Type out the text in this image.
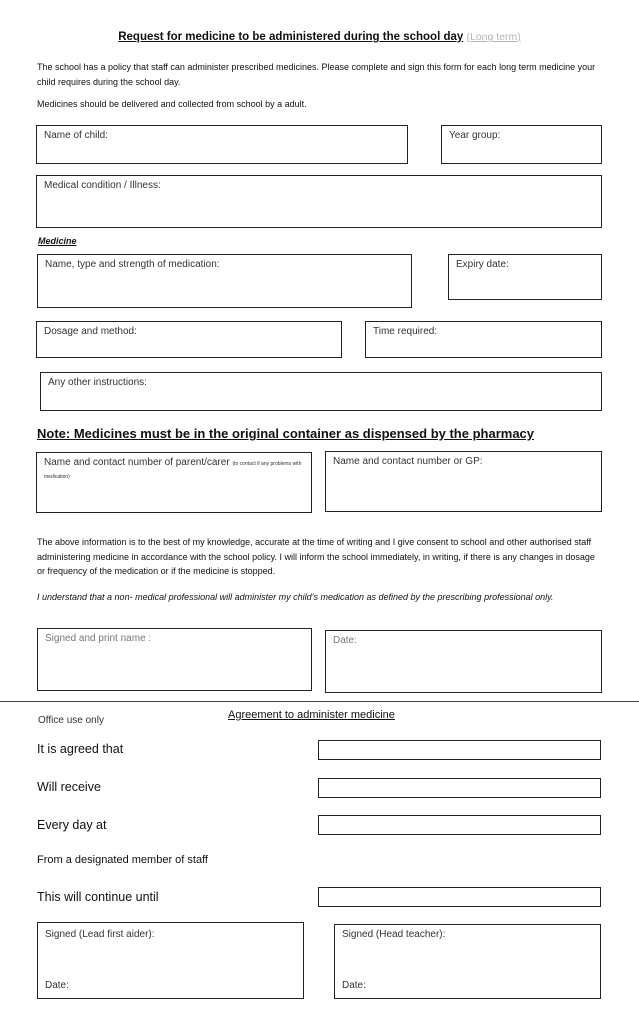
Request for medicine to be administered during the school day (Long term)
The school has a policy that staff can administer prescribed medicines. Please complete and sign this form for each long term medicine your child requires during the school day.
Medicines should be delivered and collected from school by a adult.
Name of child:	Year group:
Medical condition / Illness:
Medicine
Name, type and strength of medication:	Expiry date:
Dosage and method:	Time required:
Any other instructions:
Note: Medicines must be in the original container as dispensed by the pharmacy
Name and contact number of parent/carer (to contact if any problems with medication)
Name and contact number or GP:
The above information is to the best of my knowledge, accurate at the time of writing and I give consent to school and other authorised staff administering medicine in accordance with the school policy. I will inform the school immediately, in writing, if there is any changes in dosage or frequency of the medication or if the medicine is stopped.
I understand that a non- medical professional will administer my child’s medication as defined by the prescribing professional only.
Signed and print name :	Date:
Office use only	Agreement to administer medicine
It is agreed that
Will receive
Every day at
From a designated member of staff
This will continue until
Signed (Lead first aider):
Date:
Signed (Head teacher):
Date:
